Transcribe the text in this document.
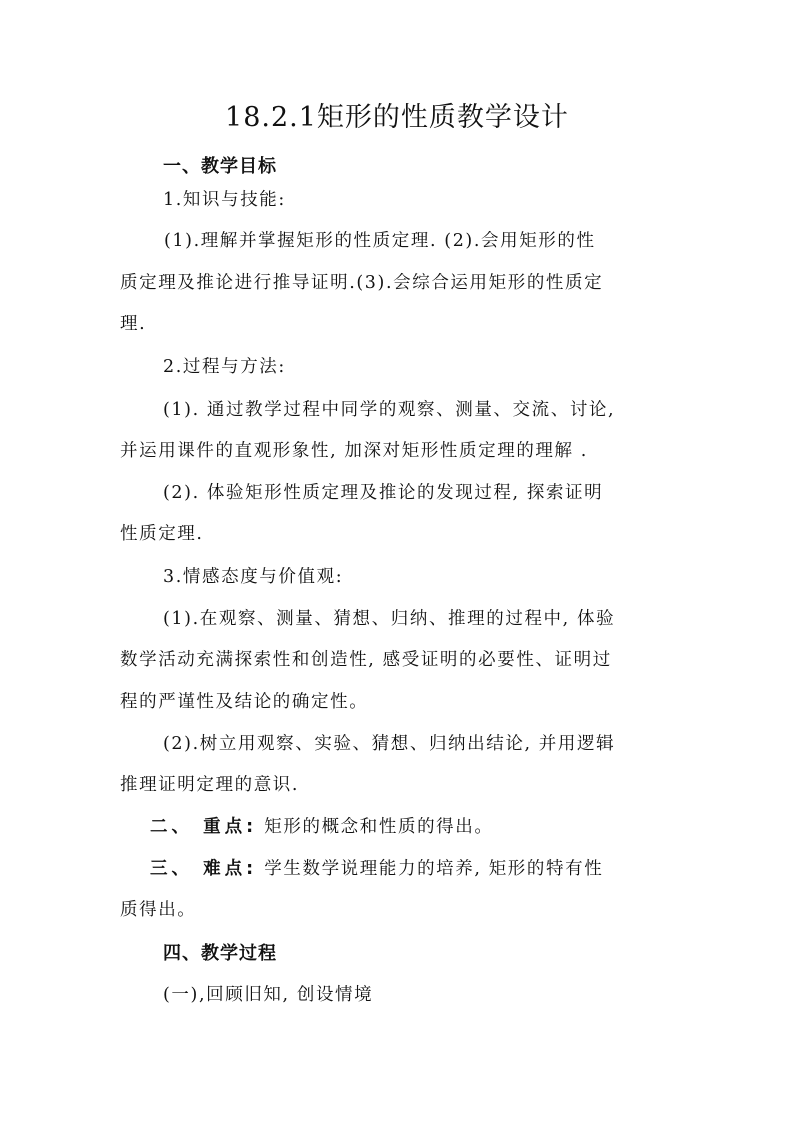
18.2.1矩形的性质教学设计
一、教学目标
1.知识与技能:
(1).理解并掌握矩形的性质定理. (2).会用矩形的性
质定理及推论进行推导证明.(3).会综合运用矩形的性质定
理.
2.过程与方法:
(1). 通过教学过程中同学的观察、测量、交流、讨论,
并运用课件的直观形象性, 加深对矩形性质定理的理解 .
(2). 体验矩形性质定理及推论的发现过程, 探索证明
性质定理.
3.情感态度与价值观:
(1).在观察、测量、猜想、归纳、推理的过程中, 体验
数学活动充满探索性和创造性, 感受证明的必要性、证明过
程的严谨性及结论的确定性。
(2).树立用观察、实验、猜想、归纳出结论, 并用逻辑
推理证明定理的意识.
二、 重点: 矩形的概念和性质的得出。
三、 难点: 学生数学说理能力的培养, 矩形的特有性
质得出。
四、教学过程
(一),回顾旧知, 创设情境
